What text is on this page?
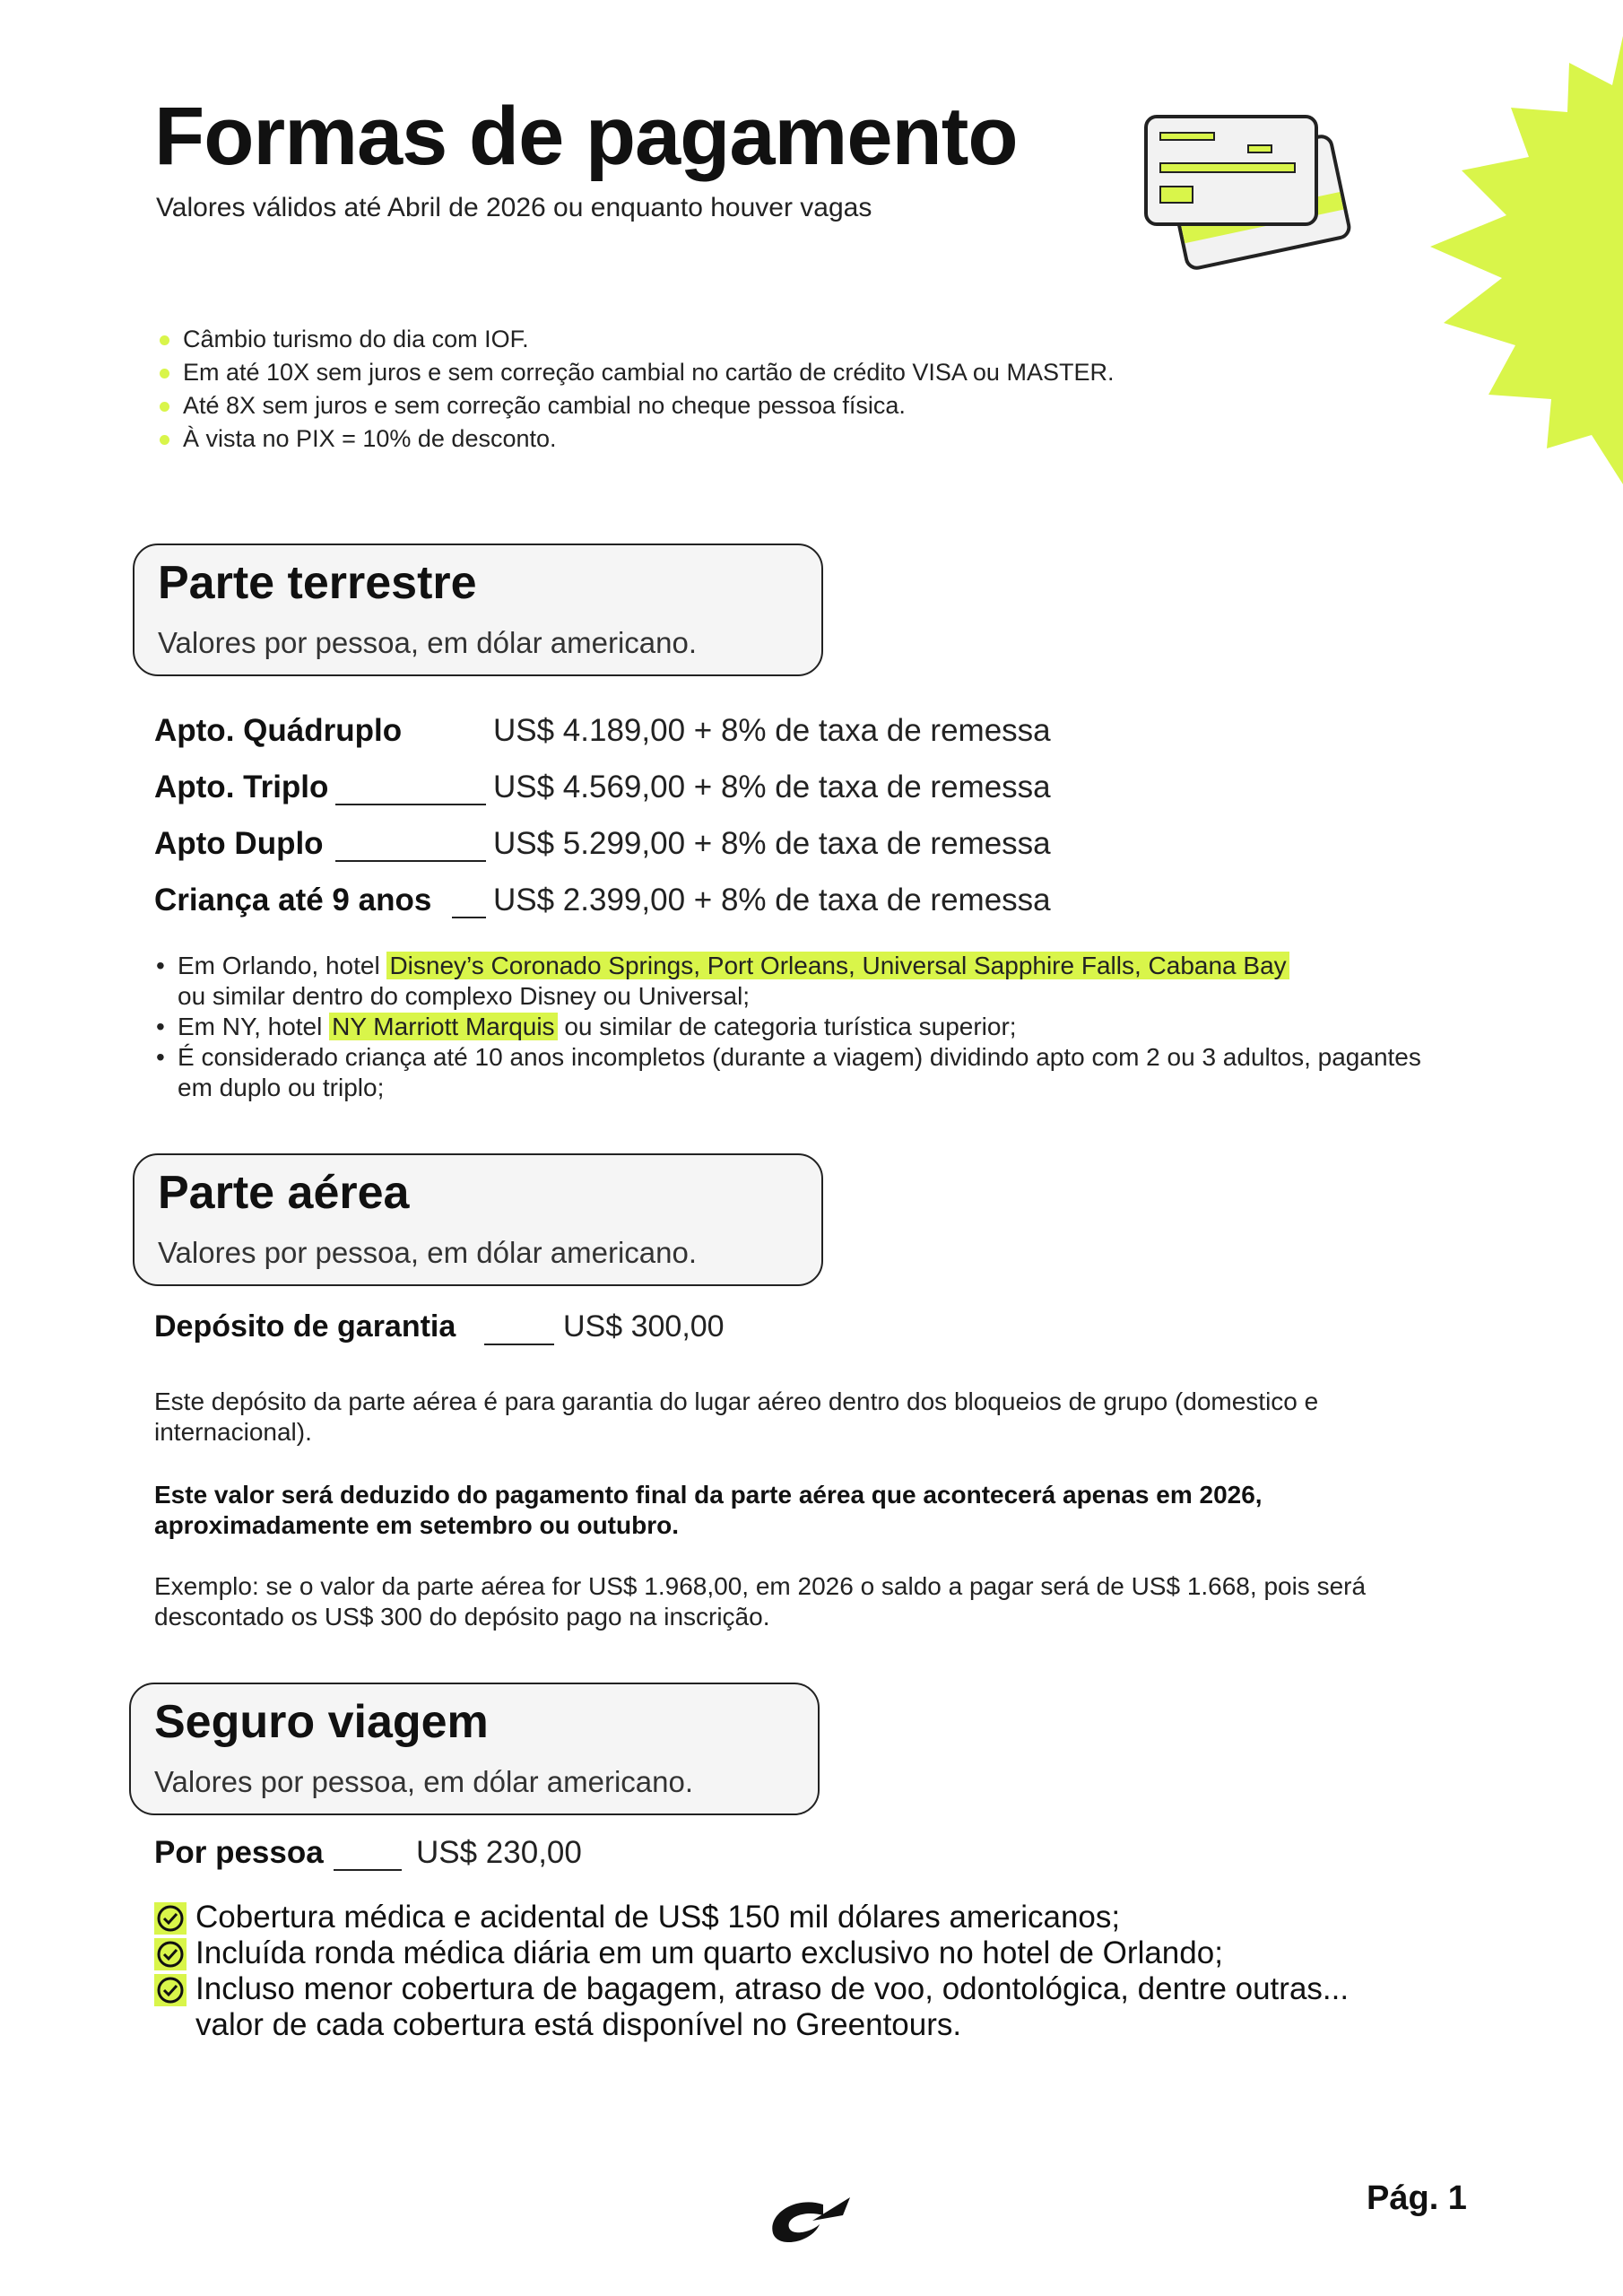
Formas de pagamento
Valores válidos até Abril de 2026 ou enquanto houver vagas
Câmbio turismo do dia com IOF.
Em até 10X sem juros e sem correção cambial no cartão de crédito VISA ou MASTER.
Até 8X sem juros e sem correção cambial no cheque pessoa física.
À vista no PIX = 10% de desconto.
Parte terrestre
Valores por pessoa, em dólar americano.
Apto. Quádruplo	US$ 4.189,00 + 8% de taxa de remessa
Apto. Triplo	US$ 4.569,00 + 8% de taxa de remessa
Apto Duplo	US$ 5.299,00 + 8% de taxa de remessa
Criança até 9 anos US$ 2.399,00 + 8% de taxa de remessa
• Em Orlando, hotel Disney’s Coronado Springs, Port Orleans, Universal Sapphire Falls, Cabana Bay
ou similar dentro do complexo Disney ou Universal;
• Em NY, hotel NY Marriott Marquis ou similar de categoria turística superior;
• É considerado criança até 10 anos incompletos (durante a viagem) dividindo apto com 2 ou 3 adultos, pagantes em duplo ou triplo;
Parte aérea
Valores por pessoa, em dólar americano.
Depósito de garantia	US$ 300,00
Este depósito da parte aérea é para garantia do lugar aéreo dentro dos bloqueios de grupo (domestico e internacional).
Este valor será deduzido do pagamento final da parte aérea que acontecerá apenas em 2026, aproximadamente em setembro ou outubro.
Exemplo: se o valor da parte aérea for US$ 1.968,00, em 2026 o saldo a pagar será de US$ 1.668, pois será descontado os US$ 300 do depósito pago na inscrição.
Seguro viagem
Valores por pessoa, em dólar americano.
Por pessoa	US$ 230,00
Cobertura médica e acidental de US$ 150 mil dólares americanos;
Incluída ronda médica diária em um quarto exclusivo no hotel de Orlando;
Incluso menor cobertura de bagagem, atraso de voo, odontológica, dentre outras... valor de cada cobertura está disponível no Greentours.
Pág. 1
